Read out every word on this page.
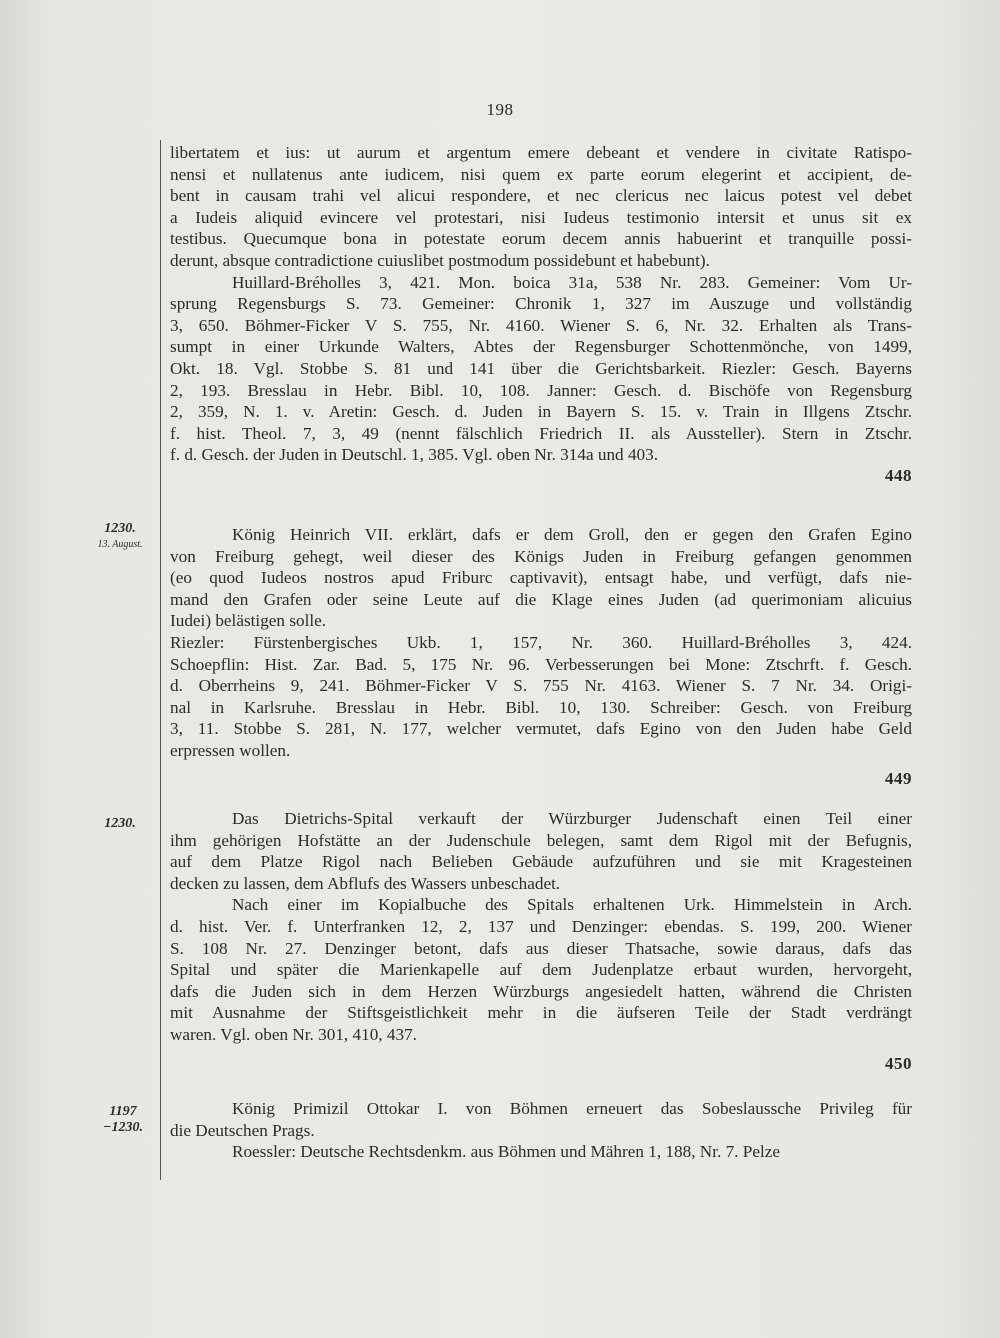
198
libertatem et ius: ut aurum et argentum emere debeant et vendere in civitate Ratispo-
nensi et nullatenus ante iudicem, nisi quem ex parte eorum elegerint et accipient, de-
bent in causam trahi vel alicui respondere, et nec clericus nec laicus potest vel debet
a Iudeis aliquid evincere vel protestari, nisi Iudeus testimonio intersit et unus sit ex
testibus. Quecumque bona in potestate eorum decem annis habuerint et tranquille possi-
derunt, absque contradictione cuiuslibet postmodum possidebunt et habebunt).
Huillard-Bréholles 3, 421. Mon. boica 31a, 538 Nr. 283. Gemeiner: Vom Ur-
sprung Regensburgs S. 73. Gemeiner: Chronik 1, 327 im Auszuge und vollständig
3, 650. Böhmer-Ficker V S. 755, Nr. 4160. Wiener S. 6, Nr. 32. Erhalten als Trans-
sumpt in einer Urkunde Walters, Abtes der Regensburger Schottenmönche, von 1499,
Okt. 18. Vgl. Stobbe S. 81 und 141 über die Gerichtsbarkeit. Riezler: Gesch. Bayerns
2, 193. Bresslau in Hebr. Bibl. 10, 108. Janner: Gesch. d. Bischöfe von Regensburg
2, 359, N. 1. v. Aretin: Gesch. d. Juden in Bayern S. 15. v. Train in Illgens Ztschr.
f. hist. Theol. 7, 3, 49 (nennt fälschlich Friedrich II. als Aussteller). Stern in Ztschr.
f. d. Gesch. der Juden in Deutschl. 1, 385. Vgl. oben Nr. 314a und 403.
448
1230.
13. August.
König Heinrich VII. erklärt, dafs er dem Groll, den er gegen den Grafen Egino
von Freiburg gehegt, weil dieser des Königs Juden in Freiburg gefangen genommen
(eo quod Iudeos nostros apud Friburc captivavit), entsagt habe, und verfügt, dafs nie-
mand den Grafen oder seine Leute auf die Klage eines Juden (ad querimoniam alicuius
Iudei) belästigen solle.
Riezler: Fürstenbergisches Ukb. 1, 157, Nr. 360. Huillard-Bréholles 3, 424.
Schoepflin: Hist. Zar. Bad. 5, 175 Nr. 96. Verbesserungen bei Mone: Ztschrft. f. Gesch.
d. Oberrheins 9, 241. Böhmer-Ficker V S. 755 Nr. 4163. Wiener S. 7 Nr. 34. Origi-
nal in Karlsruhe. Bresslau in Hebr. Bibl. 10, 130. Schreiber: Gesch. von Freiburg
3, 11. Stobbe S. 281, N. 177, welcher vermutet, dafs Egino von den Juden habe Geld
erpressen wollen.
449
1230.	Das Dietrichs-Spital verkauft der Würzburger Judenschaft einen Teil einer
ihm gehörigen Hofstätte an der Judenschule belegen, samt dem Rigol mit der Befugnis,
auf dem Platze Rigol nach Belieben Gebäude aufzuführen und sie mit Kragesteinen
decken zu lassen, dem Abflufs des Wassers unbeschadet.
Nach einer im Kopialbuche des Spitals erhaltenen Urk. Himmelstein in Arch.
d. hist. Ver. f. Unterfranken 12, 2, 137 und Denzinger: ebendas. S. 199, 200. Wiener
S. 108 Nr. 27. Denzinger betont, dafs aus dieser Thatsache, sowie daraus, dafs das
Spital und später die Marienkapelle auf dem Judenplatze erbaut wurden, hervorgeht,
dafs die Juden sich in dem Herzen Würzburgs angesiedelt hatten, während die Christen
mit Ausnahme der Stiftsgeistlichkeit mehr in die äufseren Teile der Stadt verdrängt
waren. Vgl. oben Nr. 301, 410, 437.
450
1197 −1230.
König Primizil Ottokar I. von Böhmen erneuert das Sobeslaussche Privileg für
die Deutschen Prags.
Roessler: Deutsche Rechtsdenkm. aus Böhmen und Mähren 1, 188, Nr. 7. Pelze
